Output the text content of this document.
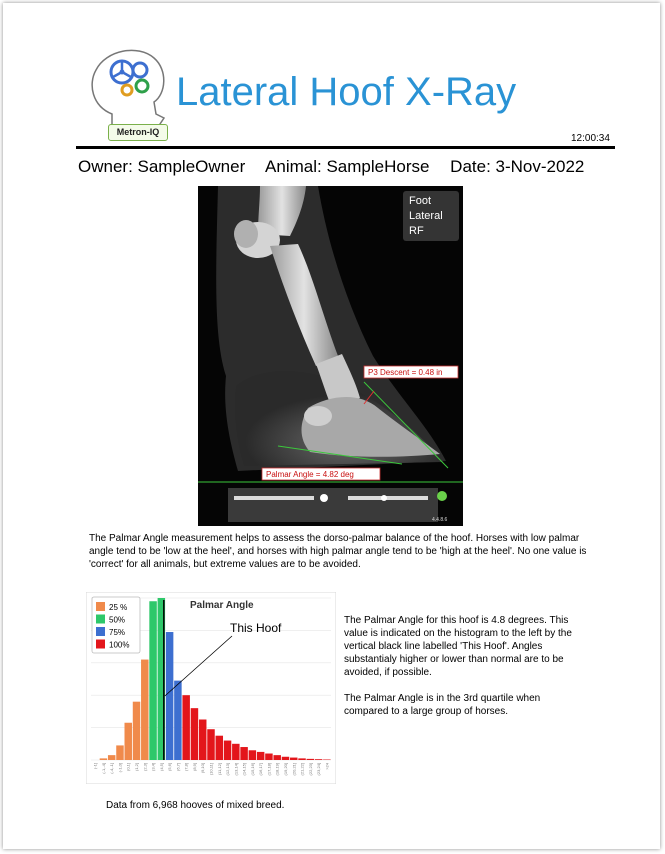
Metron-IQ
Lateral Hoof X-Ray
12:00:34
Owner: SampleOwner Animal: SampleHorse Date: 3-Nov-2022
Foot
Lateral
RF
P3 Descent = 0.48 in
Palmar Angle = 4.82 deg
4.4.8.6
The Palmar Angle measurement helps to assess the dorso-palmar balance of the hoof. Horses with low palmar angle tend to be 'low at the heel', and horses with high palmar angle tend to be 'high at the heel'. No one value is 'correct' for all animals, but extreme values are to be avoided.
(-1] (-1,-4] (-4,-1] (-1,0] (0,1] (1,2] (2,3] (3,4] (4,5] (5,6] (6,7] (7,8] (8,9] (9,10] (10,11] (11,12] (12,13] (13,14] (14,15] (15,16] (16,17] (17,18] (18,19] (19,20] (20,21] (21,22] (22,23] (23,24] >24
25 %
50%
75%
100%
Palmar Angle
This Hoof
Data from 6,968 hooves of mixed breed.

The Palmar Angle for this hoof is 4.8 degrees. This value is indicated on the histogram to the left by the vertical black line labelled 'This Hoof'. Angles substantialy higher or lower than normal are to be avoided, if possible.

The Palmar Angle is in the 3rd quartile when compared to a large group of horses.
